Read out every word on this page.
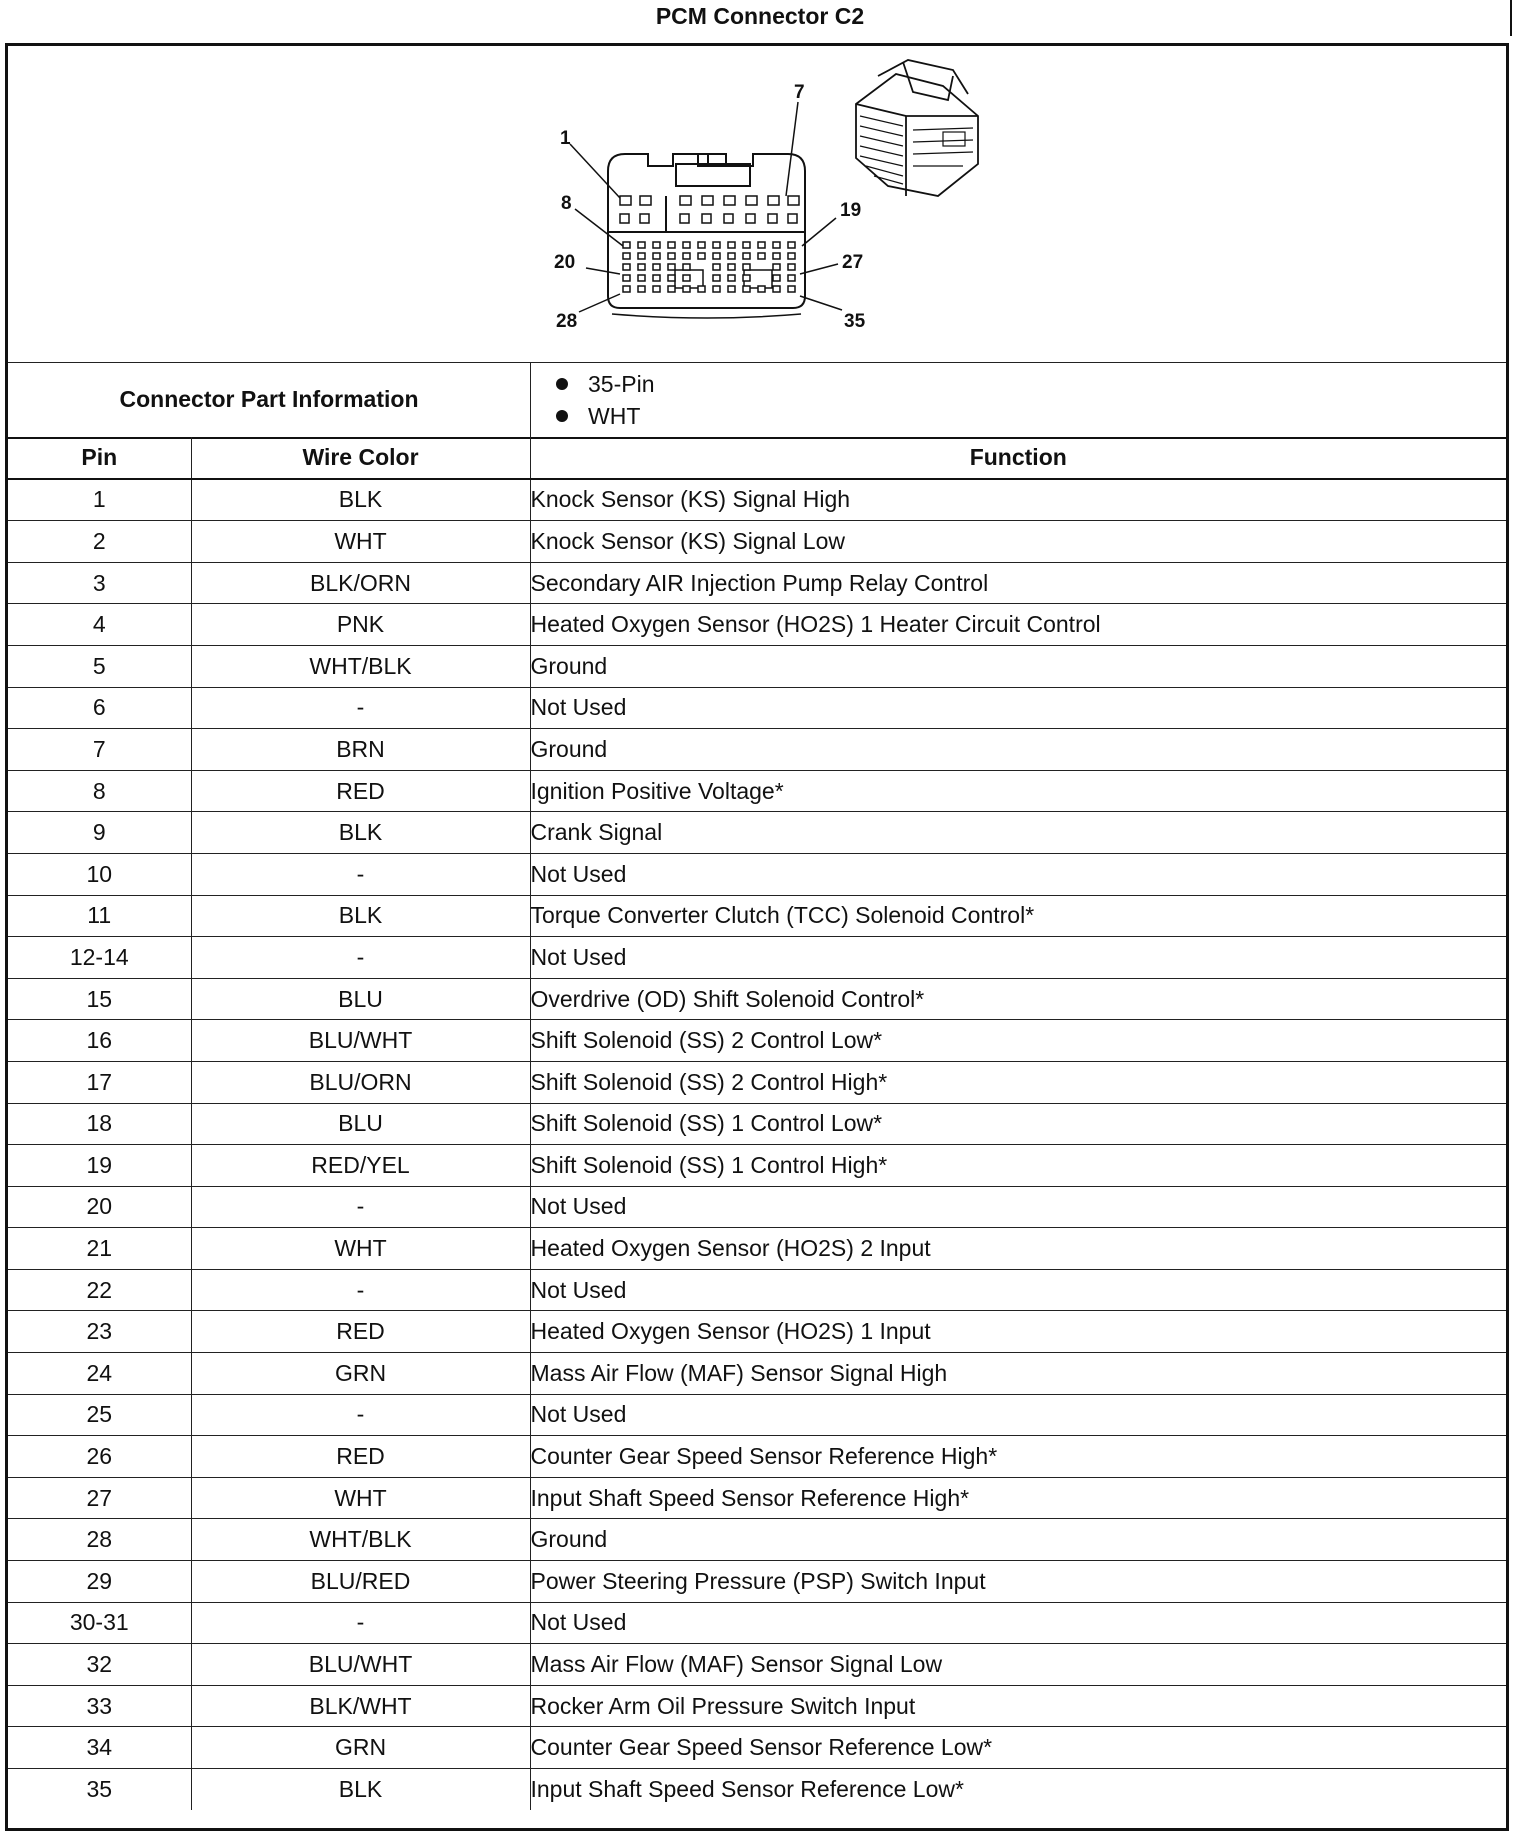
PCM Connector C2
1
7
8	19
20	27
28	35
Connector Part Information
35-Pin
WHT
Pin	Wire Color	Function
1	BLK	Knock Sensor (KS) Signal High
2	WHT	Knock Sensor (KS) Signal Low
3	BLK/ORN	Secondary AIR Injection Pump Relay Control
4	PNK	Heated Oxygen Sensor (HO2S) 1 Heater Circuit Control
5	WHT/BLK	Ground
6	-	Not Used
7	BRN	Ground
8	RED	Ignition Positive Voltage*
9	BLK	Crank Signal
10	-	Not Used
11	BLK	Torque Converter Clutch (TCC) Solenoid Control*
12-14	-	Not Used
15	BLU	Overdrive (OD) Shift Solenoid Control*
16	BLU/WHT	Shift Solenoid (SS) 2 Control Low*
17	BLU/ORN	Shift Solenoid (SS) 2 Control High*
18	BLU	Shift Solenoid (SS) 1 Control Low*
19	RED/YEL	Shift Solenoid (SS) 1 Control High*
20	-	Not Used
21	WHT	Heated Oxygen Sensor (HO2S) 2 Input
22	-	Not Used
23	RED	Heated Oxygen Sensor (HO2S) 1 Input
24	GRN	Mass Air Flow (MAF) Sensor Signal High
25	-	Not Used
26	RED	Counter Gear Speed Sensor Reference High*
27	WHT	Input Shaft Speed Sensor Reference High*
28	WHT/BLK	Ground
29	BLU/RED	Power Steering Pressure (PSP) Switch Input
30-31	-	Not Used
32	BLU/WHT	Mass Air Flow (MAF) Sensor Signal Low
33	BLK/WHT	Rocker Arm Oil Pressure Switch Input
34	GRN	Counter Gear Speed Sensor Reference Low*
35	BLK	Input Shaft Speed Sensor Reference Low*
